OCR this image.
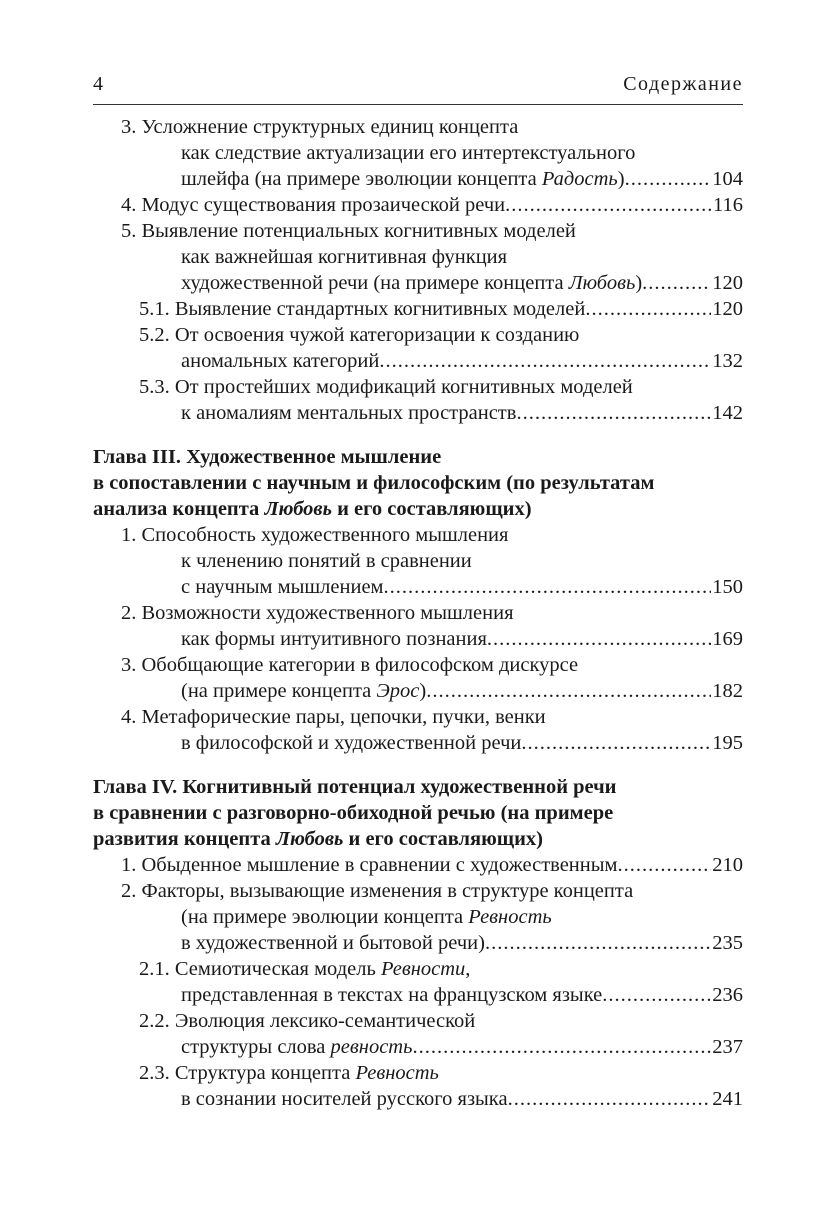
4	Содержание
3. Усложнение структурных единиц концепта
как следствие актуализации его интертекстуального
шлейфа (на примере эволюции концепта Радость) .....	104
4. Модус существования прозаической речи .....	116
5. Выявление потенциальных когнитивных моделей
как важнейшая когнитивная функция
художественной речи (на примере концепта Любовь) .....	120
5.1. Выявление стандартных когнитивных моделей .....	120
5.2. От освоения чужой категоризации к созданию
аномальных категорий .....	132
5.3. От простейших модификаций когнитивных моделей
к аномалиям ментальных пространств .....	142
Глава III. Художественное мышление
в сопоставлении с научным и философским (по результатам
анализа концепта Любовь и его составляющих)
1. Способность художественного мышления
к членению понятий в сравнении
с научным мышлением .....	150
2. Возможности художественного мышления
как формы интуитивного познания .....	169
3. Обобщающие категории в философском дискурсе
(на примере концепта Эрос) .....	182
4. Метафорические пары, цепочки, пучки, венки
в философской и художественной речи .....	195
Глава IV. Когнитивный потенциал художественной речи
в сравнении с разговорно-обиходной речью (на примере
развития концепта Любовь и его составляющих)
1. Обыденное мышление в сравнении с художественным .....	210
2. Факторы, вызывающие изменения в структуре концепта
(на примере эволюции концепта Ревность
в художественной и бытовой речи) .....	235
2.1. Семиотическая модель Ревности,
представленная в текстах на французском языке .....	236
2.2. Эволюция лексико-семантической
структуры слова ревность .....	237
2.3. Структура концепта Ревность
в сознании носителей русского языка .....	241
